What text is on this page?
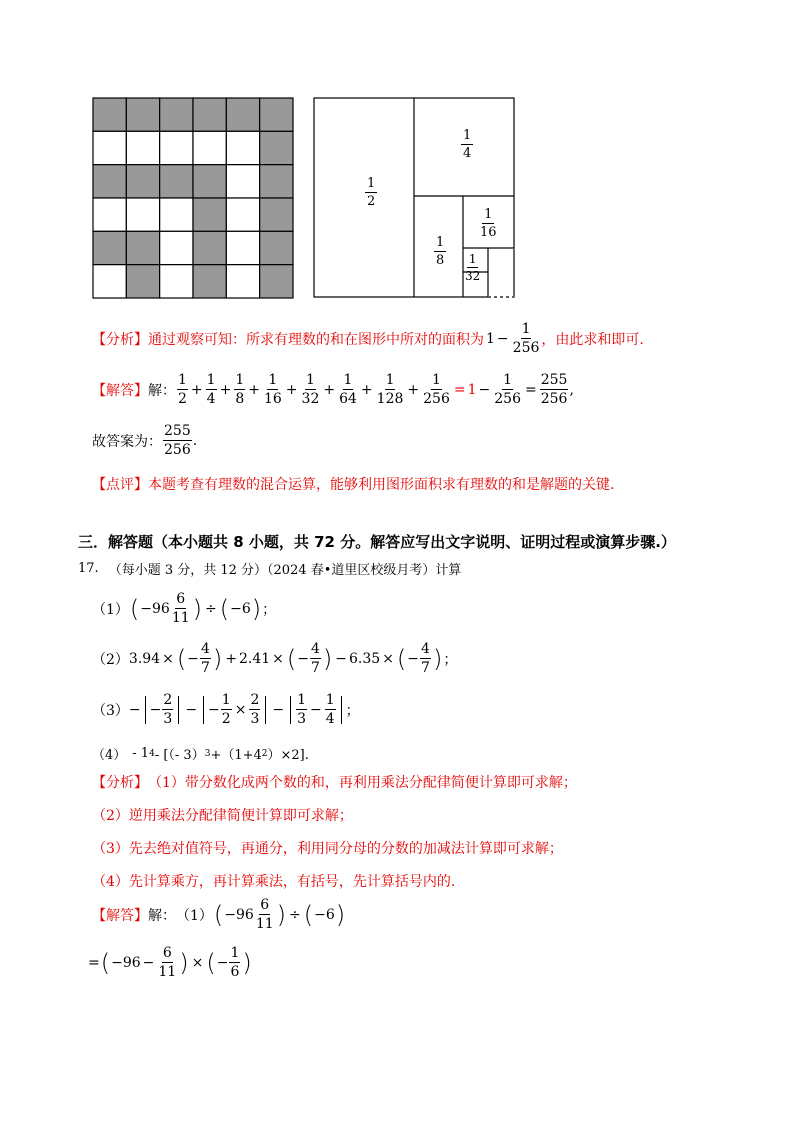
1
2
1
4
1
8
1
16
1
32
【分析】 通过观察可知：所求有理数的和在图形中所对的面积为 $1 - \frac{1}{256}$ ，由此求和即可.
【解答】 解： $\frac{1}{2} + \frac{1}{4} + \frac{1}{8} + \frac{1}{16} + \frac{1}{32} + \frac{1}{64} + \frac{1}{128} + \frac{1}{256} = 1 - \frac{1}{256} = \frac{255}{256}$ ,
故答案为： $\frac{255}{256}$ .
【点评】 本题考查有理数的混合运算，能够利用图形面积求有理数的和是解题的关键.
三．解答题（本小题共 8 小题，共 72 分。解答应写出文字说明、证明过程或演算步骤.）
17. （每小题 3 分，共 12 分）（2024 春•道里区校级月考）计算
（1） ( $-96 \frac{6}{11}$ ) ÷ ( −6 ) ；
（2） 3.94 × ( − $\frac{4}{7}$ ) + 2.41 × ( − $\frac{4}{7}$ ) − 6.35 × ( − $\frac{4}{7}$ ) ；
（3） − − $\frac{2}{3}$ − − $\frac{1}{2} \times \frac{2}{3} - \frac{1}{3} - \frac{1}{4}$ ；
（4） - 1 4 - [（- 3） 3 +（1+4 2 ）×2].
【分析】 （1）带分数化成两个数的和，再利用乘法分配律简便计算即可求解；
（2）逆用乘法分配律简便计算即可求解；
（3）先去绝对值符号，再通分，利用同分母的分数的加减法计算即可求解；
（4）先计算乘方，再计算乘法，有括号，先计算括号内的.
【解答】 解： （1） ( $-96 \frac{6}{11}$ ) ÷ ( −6 )
= ( $-96 - \frac{6}{11}$ ) × ( − $\frac{1}{6}$ )
